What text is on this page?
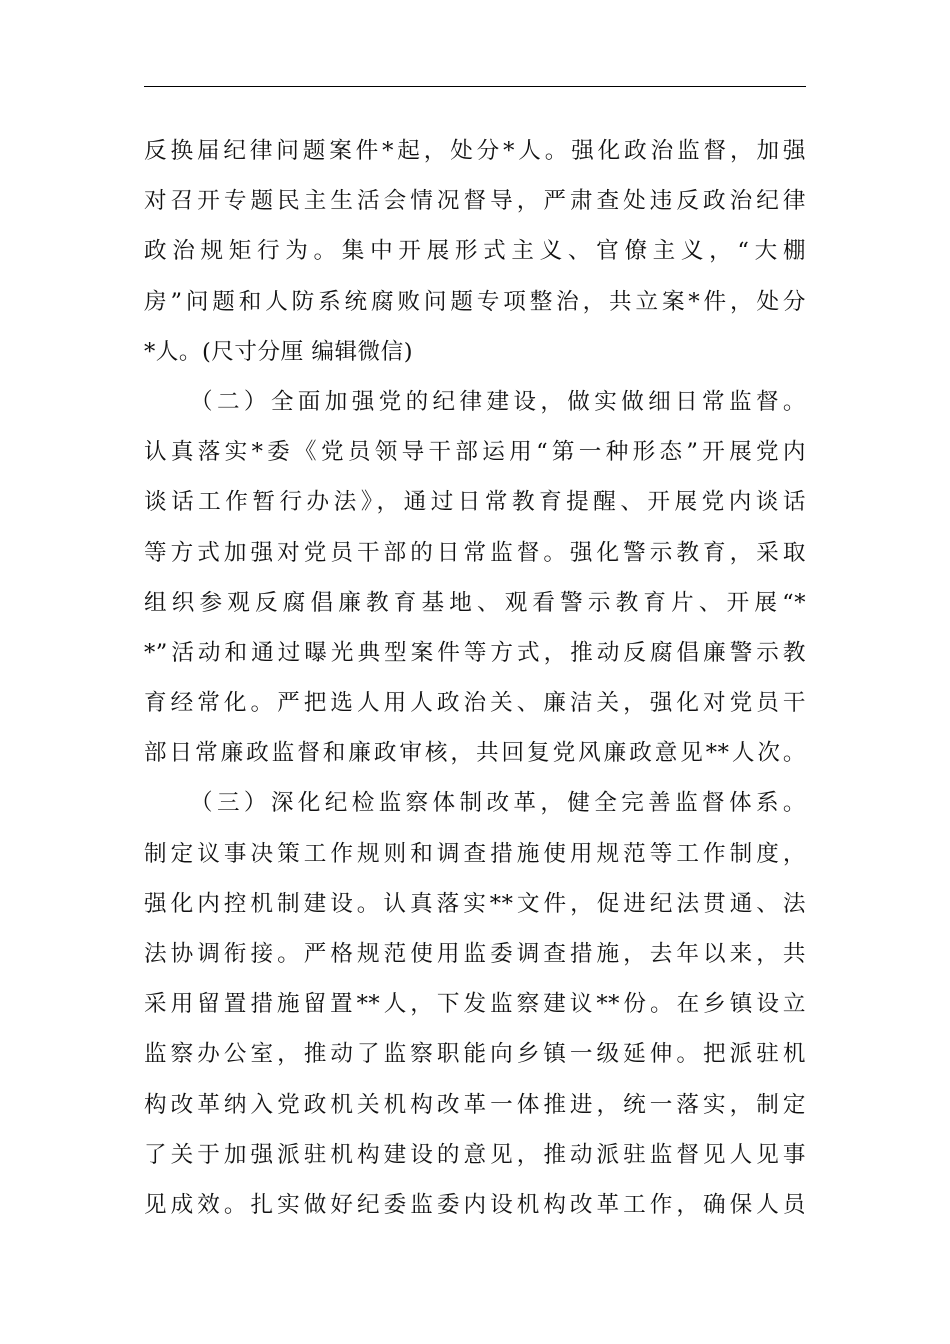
反换届纪律问题案件*起，处分*人。强化政治监督，加强
对召开专题民主生活会情况督导，严肃查处违反政治纪律
政治规矩行为。集中开展形式主义、官僚主义，“大棚
房”问题和人防系统腐败问题专项整治，共立案*件，处分
*人。(尺寸分厘 编辑微信)
（二）全面加强党的纪律建设，做实做细日常监督。
认真落实*委《党员领导干部运用“第一种形态”开展党内
谈话工作暂行办法》，通过日常教育提醒、开展党内谈话
等方式加强对党员干部的日常监督。强化警示教育，采取
组织参观反腐倡廉教育基地、观看警示教育片、开展“*
*”活动和通过曝光典型案件等方式，推动反腐倡廉警示教
育经常化。严把选人用人政治关、廉洁关，强化对党员干
部日常廉政监督和廉政审核，共回复党风廉政意见**人次。
（三）深化纪检监察体制改革，健全完善监督体系。
制定议事决策工作规则和调查措施使用规范等工作制度，
强化内控机制建设。认真落实**文件，促进纪法贯通、法
法协调衔接。严格规范使用监委调查措施，去年以来，共
采用留置措施留置**人，下发监察建议**份。在乡镇设立
监察办公室，推动了监察职能向乡镇一级延伸。把派驻机
构改革纳入党政机关机构改革一体推进，统一落实，制定
了关于加强派驻机构建设的意见，推动派驻监督见人见事
见成效。扎实做好纪委监委内设机构改革工作，确保人员
